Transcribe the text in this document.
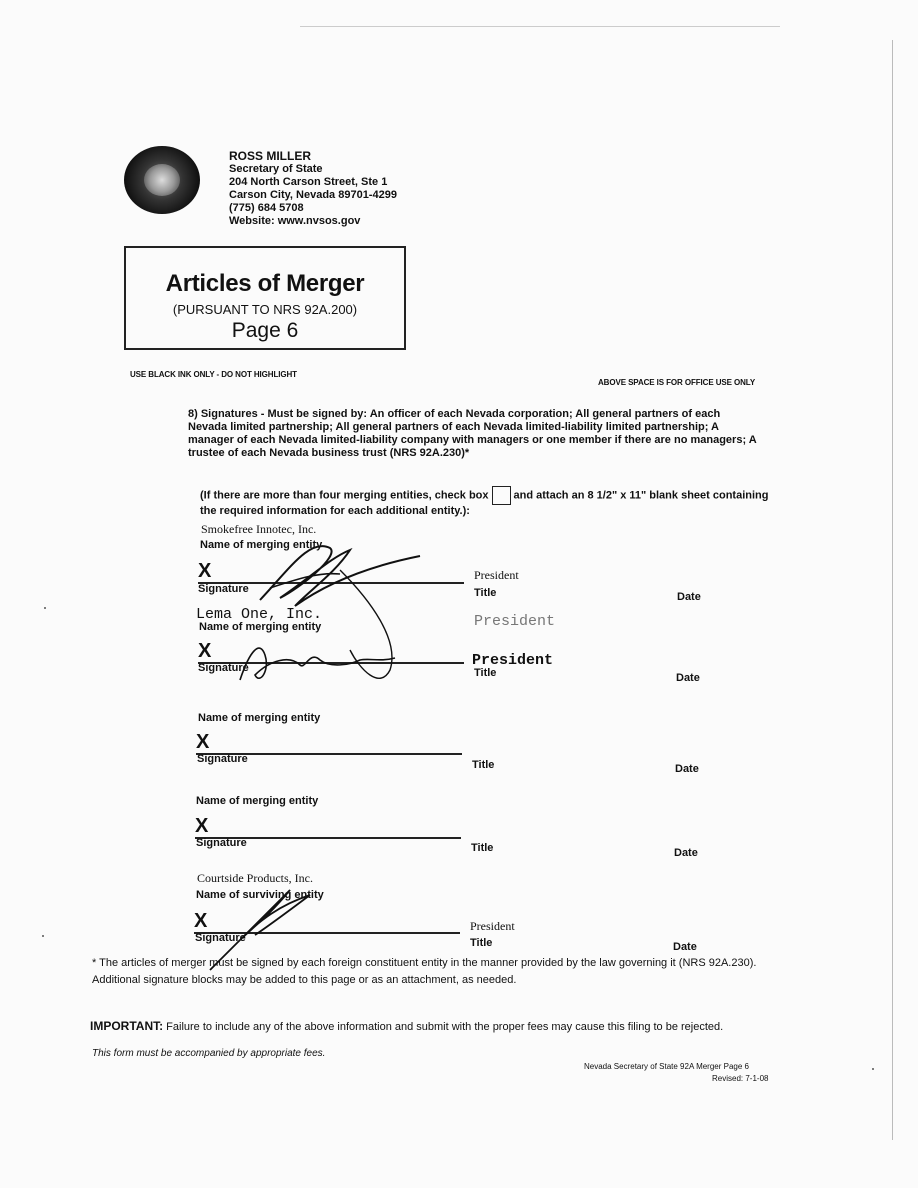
ROSS MILLER
Secretary of State
204 North Carson Street, Ste 1
Carson City, Nevada 89701-4299
(775) 684 5708
Website: www.nvsos.gov
Articles of Merger
(PURSUANT TO NRS 92A.200)
Page 6
USE BLACK INK ONLY - DO NOT HIGHLIGHT
ABOVE SPACE IS FOR OFFICE USE ONLY
8) Signatures - Must be signed by: An officer of each Nevada corporation; All general partners of each Nevada limited partnership; All general partners of each Nevada limited-liability limited partnership; A manager of each Nevada limited-liability company with managers or one member if there are no managers; A trustee of each Nevada business trust (NRS 92A.230)*
(If there are more than four merging entities, check box and attach an 8 1/2" x 11" blank sheet containing the required information for each additional entity.):
Smokefree Innotec, Inc.
Name of merging entity
X
Signature
President
Title	Date
Lema One, Inc.
Name of merging entity	President
X
Signature	President
Title	Date
Name of merging entity
X
Signature	Title	Date
Name of merging entity
X
Signature	Title	Date
Courtside Products, Inc.
Name of surviving entity
X
Signature
President
Title	Date
* The articles of merger must be signed by each foreign constituent entity in the manner provided by the law governing it (NRS 92A.230). Additional signature blocks may be added to this page or as an attachment, as needed.
IMPORTANT: Failure to include any of the above information and submit with the proper fees may cause this filing to be rejected.
This form must be accompanied by appropriate fees.
Nevada Secretary of State 92A Merger Page 6
Revised: 7-1-08
